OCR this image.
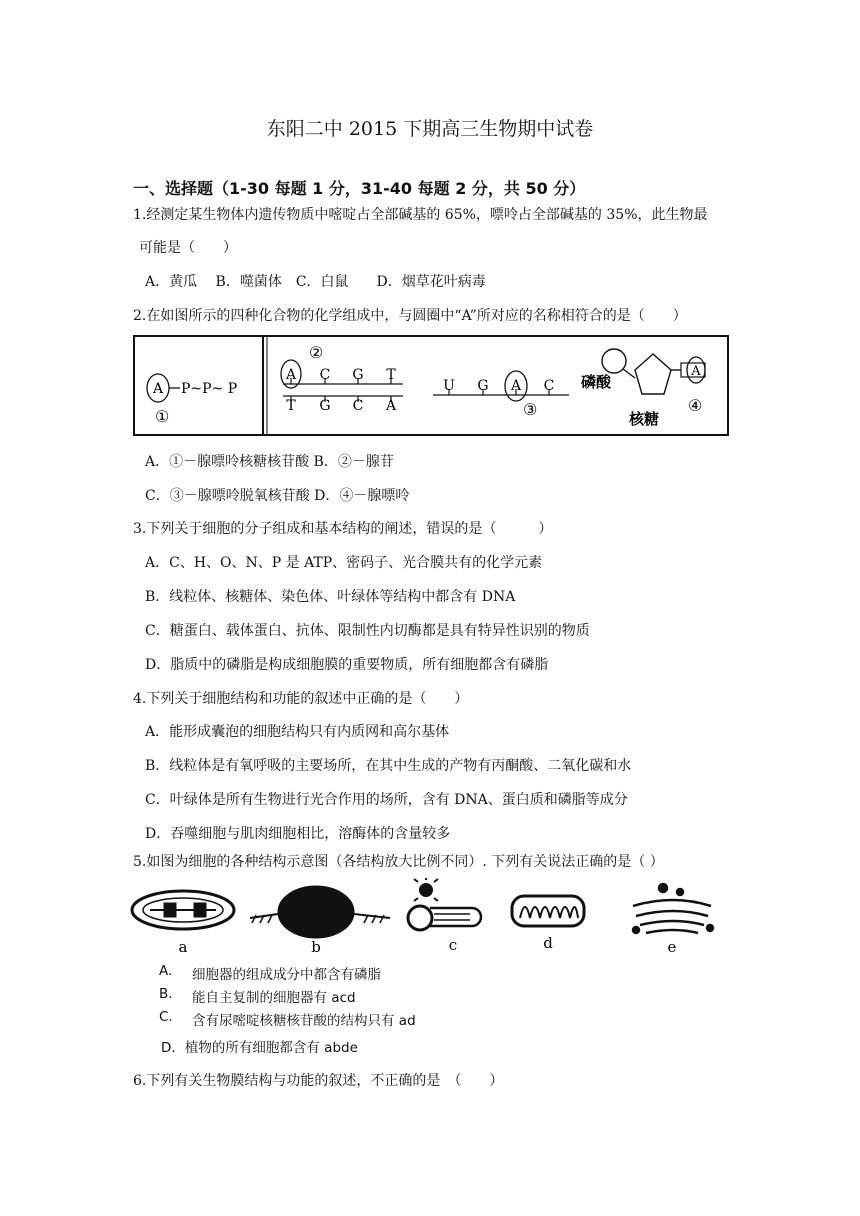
东阳二中 2015 下期高三生物期中试卷
一、选择题（1-30 每题 1 分，31-40 每题 2 分，共 50 分）
1.经测定某生物体内遗传物质中嘧啶占全部碱基的 65%，嘌呤占全部碱基的 35%，此生物最
可能是（　　）
A．黄瓜　 B．噬菌体　C．白鼠　　D．烟草花叶病毒
2.在如图所示的四种化合物的化学组成中，与圆圈中“A”所对应的名称相符合的是（　　）
A P~P~ P
①
②
A C G T
T G C A
U G A C
③
A
磷酸
核糖
④
A．①－腺嘌呤核糖核苷酸 B．②－腺苷
C．③－腺嘌呤脱氧核苷酸 D．④－腺嘌呤
3.下列关于细胞的分子组成和基本结构的阐述，错误的是（　　　）
A．C、H、O、N、P 是 ATP、密码子、光合膜共有的化学元素
B．线粒体、核糖体、染色体、叶绿体等结构中都含有 DNA
C．糖蛋白、载体蛋白、抗体、限制性内切酶都是具有特异性识别的物质
D．脂质中的磷脂是构成细胞膜的重要物质，所有细胞都含有磷脂
4.下列关于细胞结构和功能的叙述中正确的是（　　）
A．能形成囊泡的细胞结构只有内质网和高尔基体
B．线粒体是有氧呼吸的主要场所，在其中生成的产物有丙酮酸、二氧化碳和水
C．叶绿体是所有生物进行光合作用的场所，含有 DNA、蛋白质和磷脂等成分
D．吞噬细胞与肌肉细胞相比，溶酶体的含量较多
5.如图为细胞的各种结构示意图（各结构放大比例不同）. 下列有关说法正确的是（ ）
a	b	c	d	e
A. 细胞器的组成成分中都含有磷脂
B. 能自主复制的细胞器有 acd
C. 含有尿嘧啶核糖核苷酸的结构只有 ad
D．植物的所有细胞都含有 abde
6.下列有关生物膜结构与功能的叙述，不正确的是　（　　）
